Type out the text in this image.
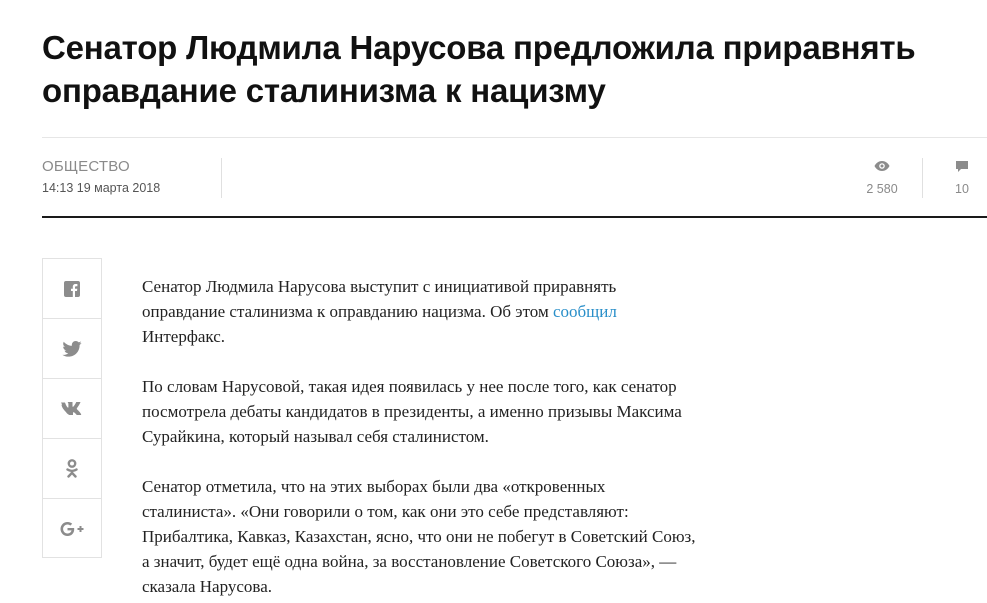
Сенатор Людмила Нарусова предложила приравнять
оправдание сталинизма к нацизму
ОБЩЕСТВО
14:13 19 марта 2018	2 580	10

Сенатор Людмила Нарусова выступит с инициативой приравнять
оправдание сталинизма к оправданию нацизма. Об этом сообщил
Интерфакс.

По словам Нарусовой, такая идея появилась у нее после того, как сенатор
посмотрела дебаты кандидатов в президенты, а именно призывы Максима
Сурайкина, который называл себя сталинистом.

Сенатор отметила, что на этих выборах были два «откровенных
сталиниста». «Они говорили о том, как они это себе представляют:
Прибалтика, Кавказ, Казахстан, ясно, что они не побегут в Советский Союз,
а значит, будет ещё одна война, за восстановление Советского Союза», —
сказала Нарусова.
